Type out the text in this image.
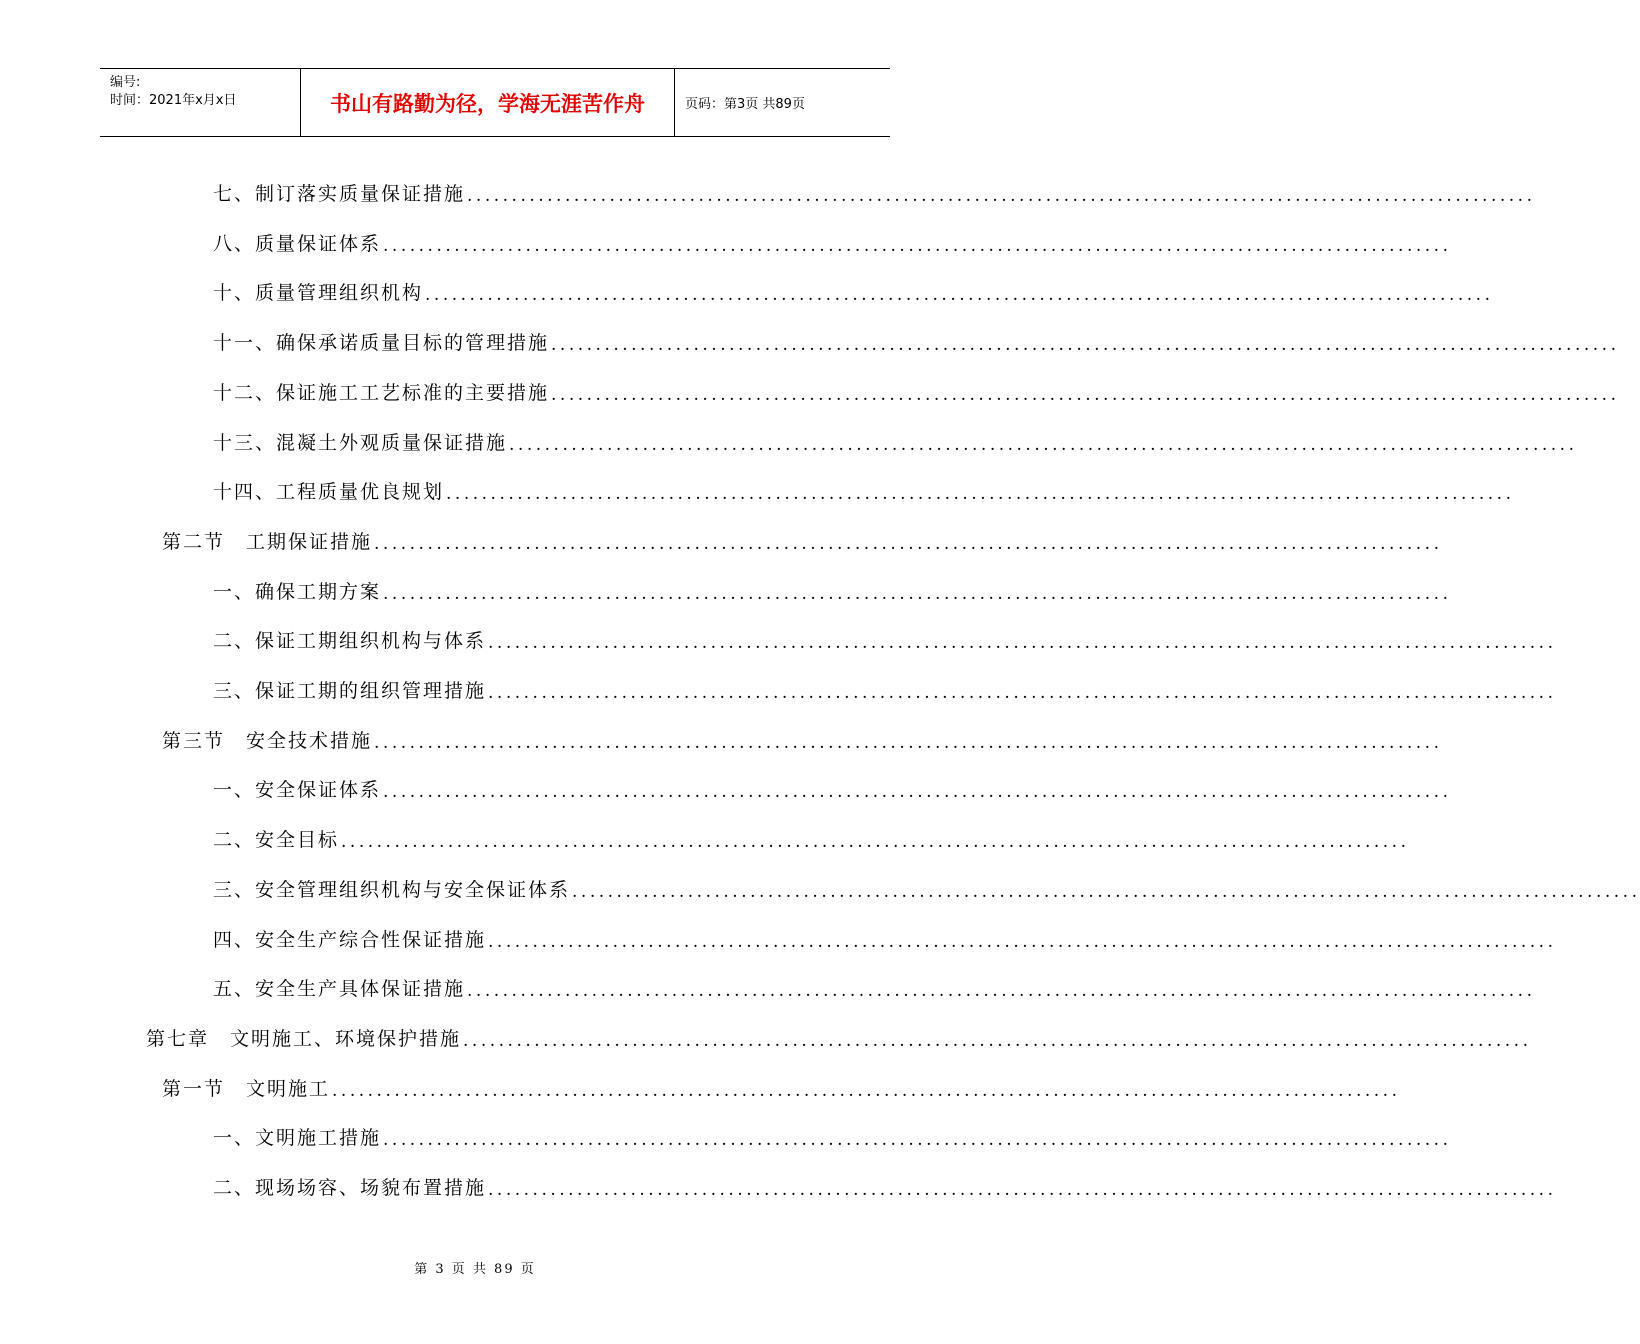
编号:
时间：2021年x月x日	书山有路勤为径，学海无涯苦作舟	页码：第3页 共89页
七、制订落实质量保证措施 ........................................................................................................................
八、质量保证体系 ........................................................................................................................
十、质量管理组织机构 ........................................................................................................................
十一、确保承诺质量目标的管理措施 ........................................................................................................................
十二、保证施工工艺标准的主要措施 ........................................................................................................................
十三、混凝土外观质量保证措施 ........................................................................................................................
十四、工程质量优良规划 ........................................................................................................................
第二节　工期保证措施 ........................................................................................................................
一、确保工期方案 ........................................................................................................................
二、保证工期组织机构与体系 ........................................................................................................................
三、保证工期的组织管理措施 ........................................................................................................................
第三节　安全技术措施 ........................................................................................................................
一、安全保证体系 ........................................................................................................................
二、安全目标 ........................................................................................................................
三、安全管理组织机构与安全保证体系 ........................................................................................................................
四、安全生产综合性保证措施 ........................................................................................................................
五、安全生产具体保证措施 ........................................................................................................................
第七章　文明施工、环境保护措施 ........................................................................................................................
第一节　文明施工 ........................................................................................................................
一、文明施工措施 ........................................................................................................................
二、现场场容、场貌布置措施 ........................................................................................................................
第 3 页 共 89 页
